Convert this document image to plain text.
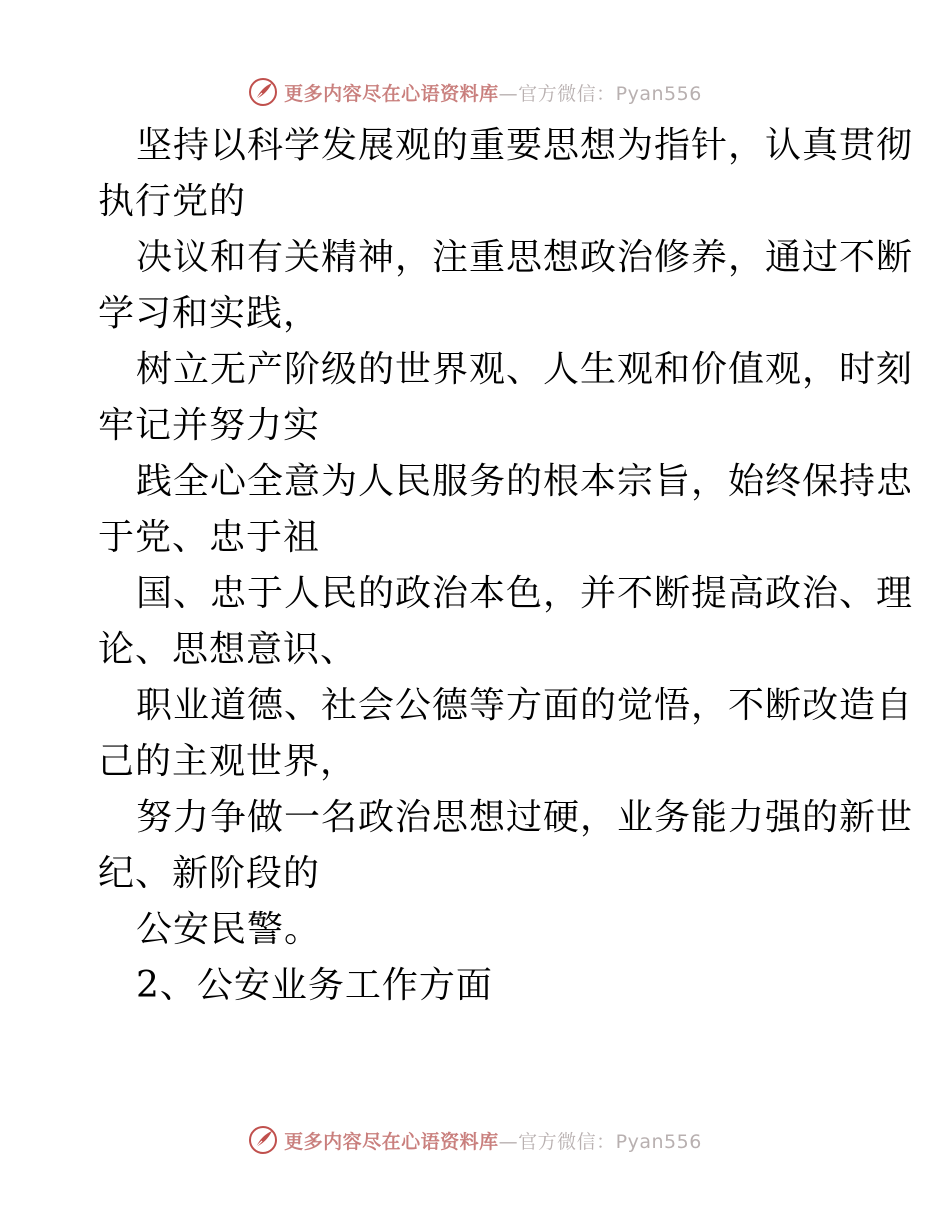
更多内容尽在心语资料库—官方微信：Pyan556
坚持以科学发展观的重要思想为指针，认真贯彻
执行党的
决议和有关精神，注重思想政治修养，通过不断
学习和实践，
树立无产阶级的世界观、人生观和价值观，时刻
牢记并努力实
践全心全意为人民服务的根本宗旨，始终保持忠
于党、忠于祖
国、忠于人民的政治本色，并不断提高政治、理
论、思想意识、
职业道德、社会公德等方面的觉悟，不断改造自
己的主观世界，
努力争做一名政治思想过硬，业务能力强的新世
纪、新阶段的
公安民警。
2、公安业务工作方面
更多内容尽在心语资料库—官方微信：Pyan556
